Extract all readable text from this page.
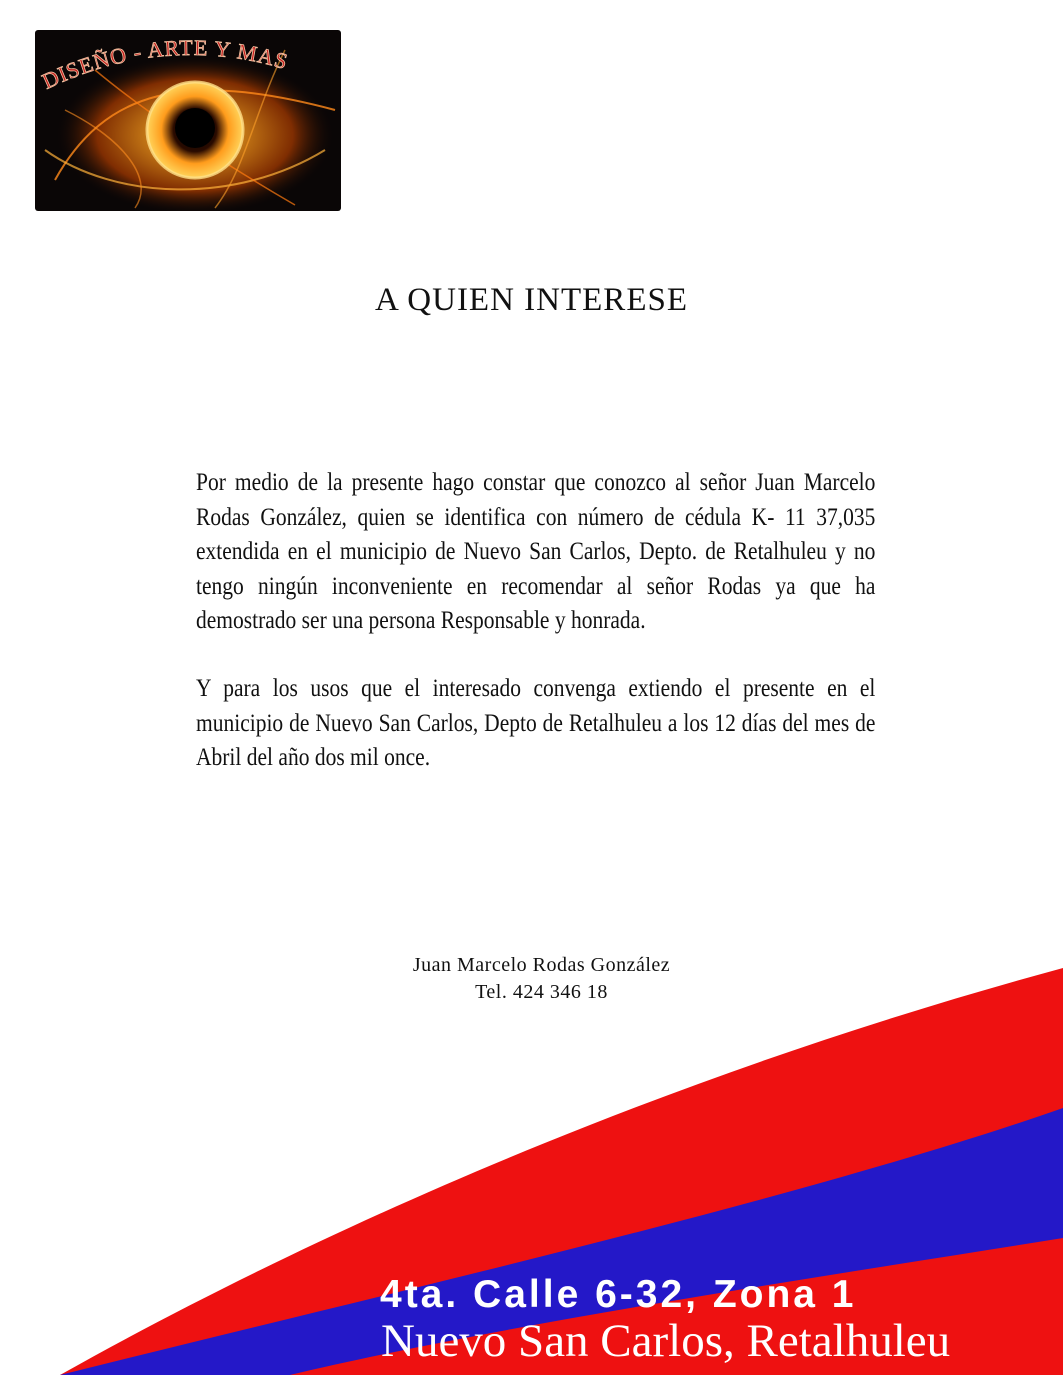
DISEÑO - ARTE Y MAS
A QUIEN INTERESE
Por medio de la presente hago constar que conozco al señor Juan Marcelo Rodas González, quien se identifica con número de cédula K- 11 37,035 extendida en el municipio de Nuevo San Carlos, Depto. de Retalhuleu y no tengo ningún inconveniente en recomendar al señor Rodas ya que ha demostrado ser una persona Responsable y honrada.
Y para los usos que el interesado convenga extiendo el presente en el municipio de Nuevo San Carlos, Depto de Retalhuleu a los 12 días del mes de Abril del año dos mil once.
Juan Marcelo Rodas González
Tel. 424 346 18
4ta. Calle 6-32, Zona 1
Nuevo San Carlos, Retalhuleu
